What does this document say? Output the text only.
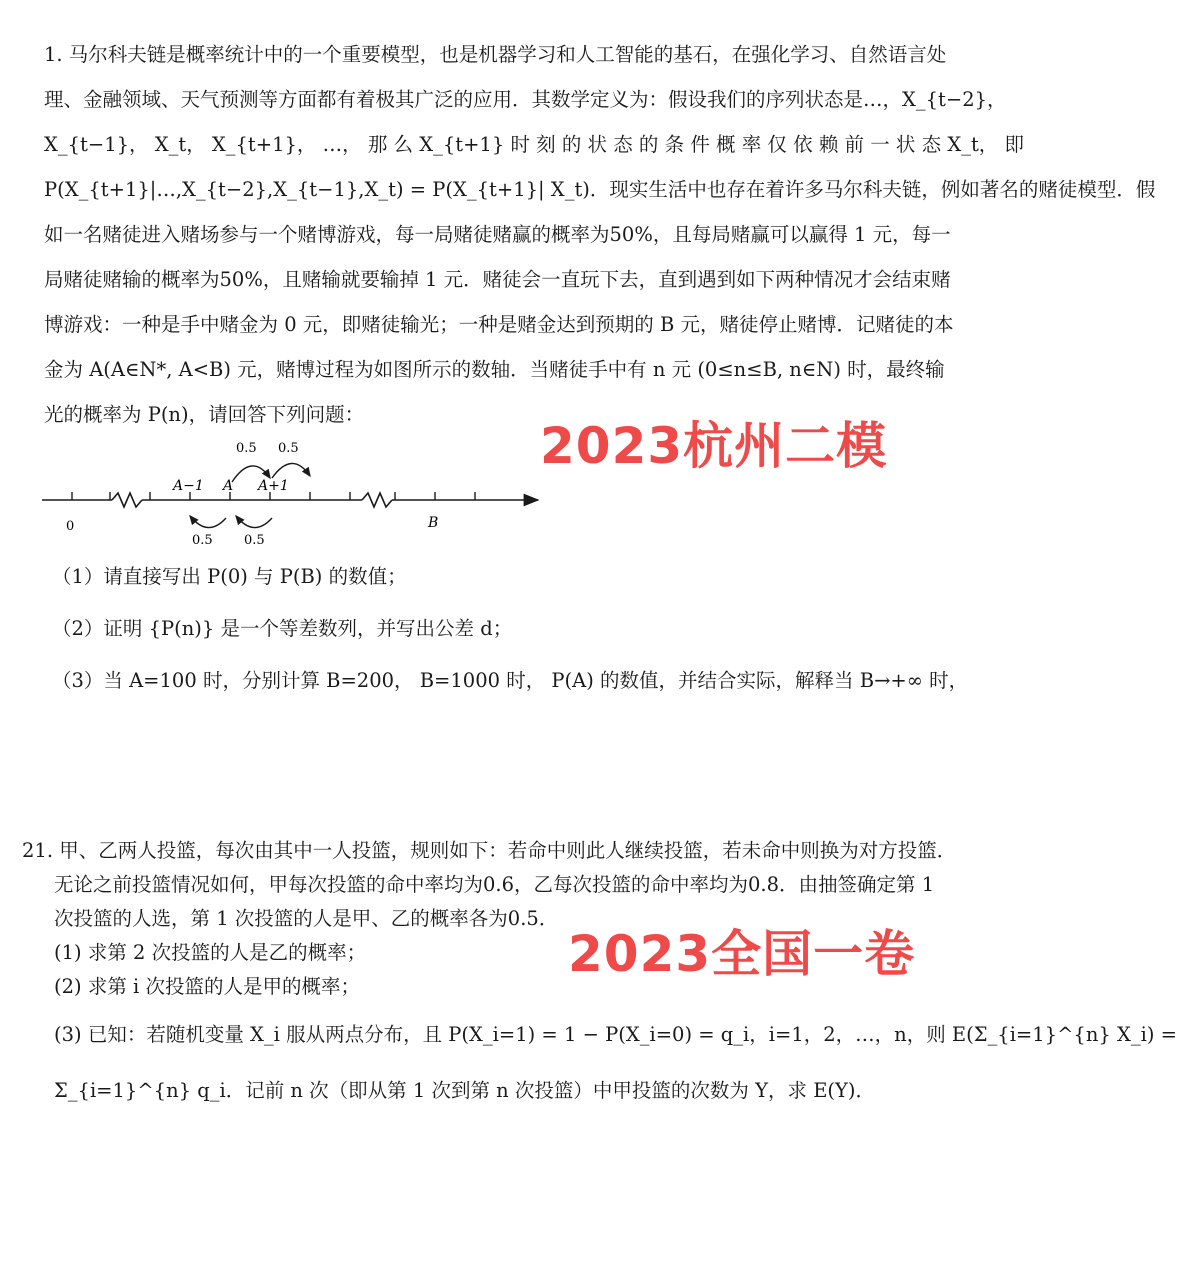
1. 马尔科夫链是概率统计中的一个重要模型，也是机器学习和人工智能的基石，在强化学习、自然语言处
理、金融领域、天气预测等方面都有着极其广泛的应用．其数学定义为：假设我们的序列状态是…，X_{t−2}，
X_{t−1}， X_t， X_{t+1}， …， 那 么 X_{t+1} 时 刻 的 状 态 的 条 件 概 率 仅 依 赖 前 一 状 态 X_t， 即
P(X_{t+1}|…,X_{t−2},X_{t−1},X_t) = P(X_{t+1}| X_t)．现实生活中也存在着许多马尔科夫链，例如著名的赌徒模型．假
如一名赌徒进入赌场参与一个赌博游戏，每一局赌徒赌赢的概率为50%，且每局赌赢可以赢得 1 元，每一
局赌徒赌输的概率为50%，且赌输就要输掉 1 元．赌徒会一直玩下去，直到遇到如下两种情况才会结束赌
博游戏：一种是手中赌金为 0 元，即赌徒输光；一种是赌金达到预期的 B 元，赌徒停止赌博．记赌徒的本
金为 A(A∈N*, A<B) 元，赌博过程为如图所示的数轴．当赌徒手中有 n 元 (0≤n≤B, n∈N) 时，最终输
光的概率为 P(n)，请回答下列问题：
2023杭州二模
0	B
A−1 A A+1
0.5 0.5
0.5 0.5
（1）请直接写出 P(0) 与 P(B) 的数值；
（2）证明 {P(n)} 是一个等差数列，并写出公差 d；
（3）当 A=100 时，分别计算 B=200， B=1000 时， P(A) 的数值，并结合实际，解释当 B→+∞ 时，
21. 甲、乙两人投篮，每次由其中一人投篮，规则如下：若命中则此人继续投篮，若未命中则换为对方投篮．
无论之前投篮情况如何，甲每次投篮的命中率均为0.6，乙每次投篮的命中率均为0.8．由抽签确定第 1
次投篮的人选，第 1 次投篮的人是甲、乙的概率各为0.5．
(1) 求第 2 次投篮的人是乙的概率；
(2) 求第 i 次投篮的人是甲的概率；
(3) 已知：若随机变量 X_i 服从两点分布，且 P(X_i=1) = 1 − P(X_i=0) = q_i，i=1，2，…，n，则 E(Σ_{i=1}^{n} X_i) =
Σ_{i=1}^{n} q_i．记前 n 次（即从第 1 次到第 n 次投篮）中甲投篮的次数为 Y，求 E(Y)．
2023全国一卷
